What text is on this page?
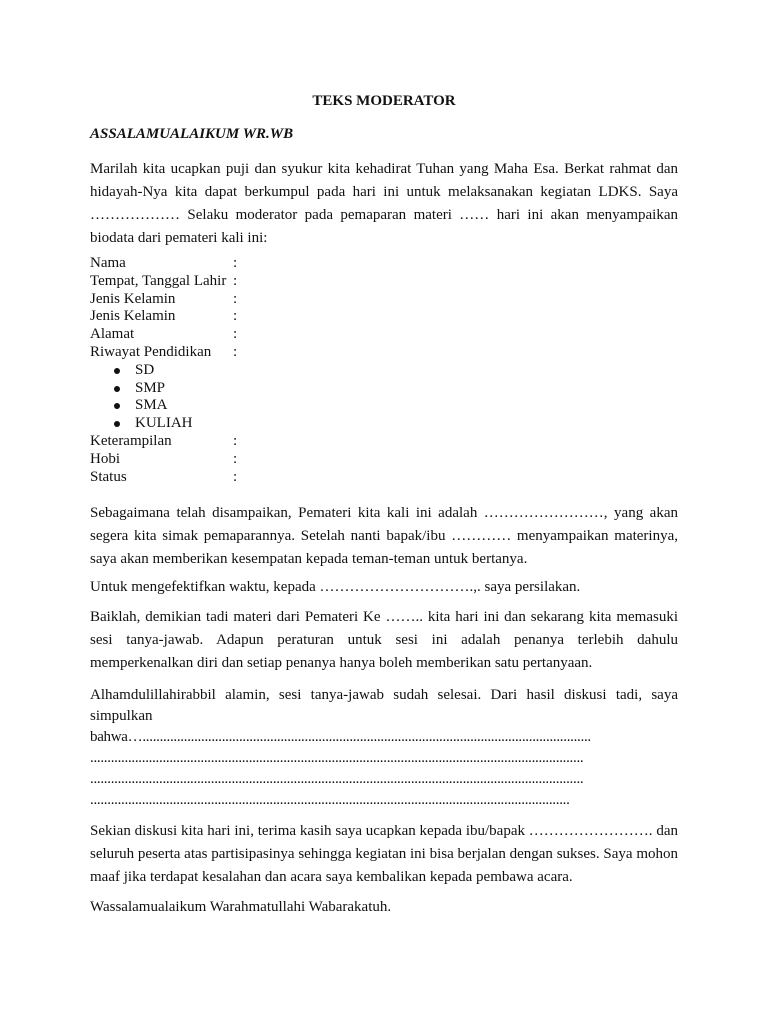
TEKS MODERATOR
ASSALAMUALAIKUM WR.WB

Marilah kita ucapkan puji dan syukur kita kehadirat Tuhan yang Maha Esa. Berkat rahmat dan hidayah-Nya kita dapat berkumpul pada hari ini untuk melaksanakan kegiatan LDKS. Saya ……………… Selaku moderator pada pemaparan materi …… hari ini akan menyampaikan biodata dari pemateri kali ini:

Nama	:
Tempat, Tanggal Lahir :
Jenis Kelamin	:
Jenis Kelamin	:
Alamat	:
Riwayat Pendidikan :
SD
SMP
SMA
KULIAH
Keterampilan	:
Hobi	:
Status	:

Sebagaimana telah disampaikan, Pemateri kita kali ini adalah ……………………, yang akan segera kita simak pemaparannya. Setelah nanti bapak/ibu ………… menyampaikan materinya, saya akan memberikan kesempatan kepada teman-teman untuk bertanya.

Untuk mengefektifkan waktu, kepada ………………………….,. saya persilakan.

Baiklah, demikian tadi materi dari Pemateri Ke …….. kita hari ini dan sekarang kita memasuki sesi tanya-jawab. Adapun peraturan untuk sesi ini adalah penanya terlebih dahulu memperkenalkan diri dan setiap penanya hanya boleh memberikan satu pertanyaan.

Alhamdulillahirabbil alamin, sesi tanya-jawab sudah selesai. Dari hasil diskusi tadi, saya simpulkan
bahwa…..................................................................................................................................
...............................................................................................................................................
...............................................................................................................................................
...........................................................................................................................................

Sekian diskusi kita hari ini, terima kasih saya ucapkan kepada ibu/bapak ……………………. dan seluruh peserta atas partisipasinya sehingga kegiatan ini bisa berjalan dengan sukses. Saya mohon maaf jika terdapat kesalahan dan acara saya kembalikan kepada pembawa acara.

Wassalamualaikum Warahmatullahi Wabarakatuh.
